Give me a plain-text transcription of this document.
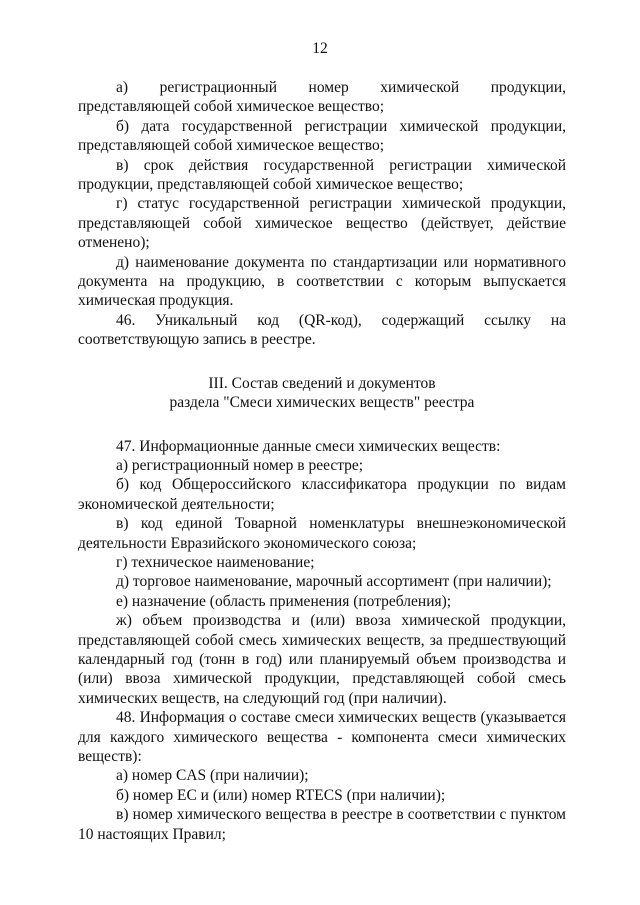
12

а) регистрационный номер химической продукции, представляющей собой химическое вещество;

б) дата государственной регистрации химической продукции, представляющей собой химическое вещество;

в) срок действия государственной регистрации химической продукции, представляющей собой химическое вещество;

г) статус государственной регистрации химической продукции, представляющей собой химическое вещество (действует, действие отменено);

д) наименование документа по стандартизации или нормативного документа на продукцию, в соответствии с которым выпускается химическая продукция.

46. Уникальный код (QR-код), содержащий ссылку на соответствующую запись в реестре.

III. Состав сведений и документов
раздела "Смеси химических веществ" реестра

47. Информационные данные смеси химических веществ:

а) регистрационный номер в реестре;

б) код Общероссийского классификатора продукции по видам экономической деятельности;

в) код единой Товарной номенклатуры внешнеэкономической деятельности Евразийского экономического союза;

г) техническое наименование;

д) торговое наименование, марочный ассортимент (при наличии);

е) назначение (область применения (потребления);

ж) объем производства и (или) ввоза химической продукции, представляющей собой смесь химических веществ, за предшествующий календарный год (тонн в год) или планируемый объем производства и (или) ввоза химической продукции, представляющей собой смесь химических веществ, на следующий год (при наличии).

48. Информация о составе смеси химических веществ (указывается для каждого химического вещества - компонента смеси химических веществ):

а) номер CAS (при наличии);

б) номер ЕС и (или) номер RTECS (при наличии);

в) номер химического вещества в реестре в соответствии с пунктом 10 настоящих Правил;
